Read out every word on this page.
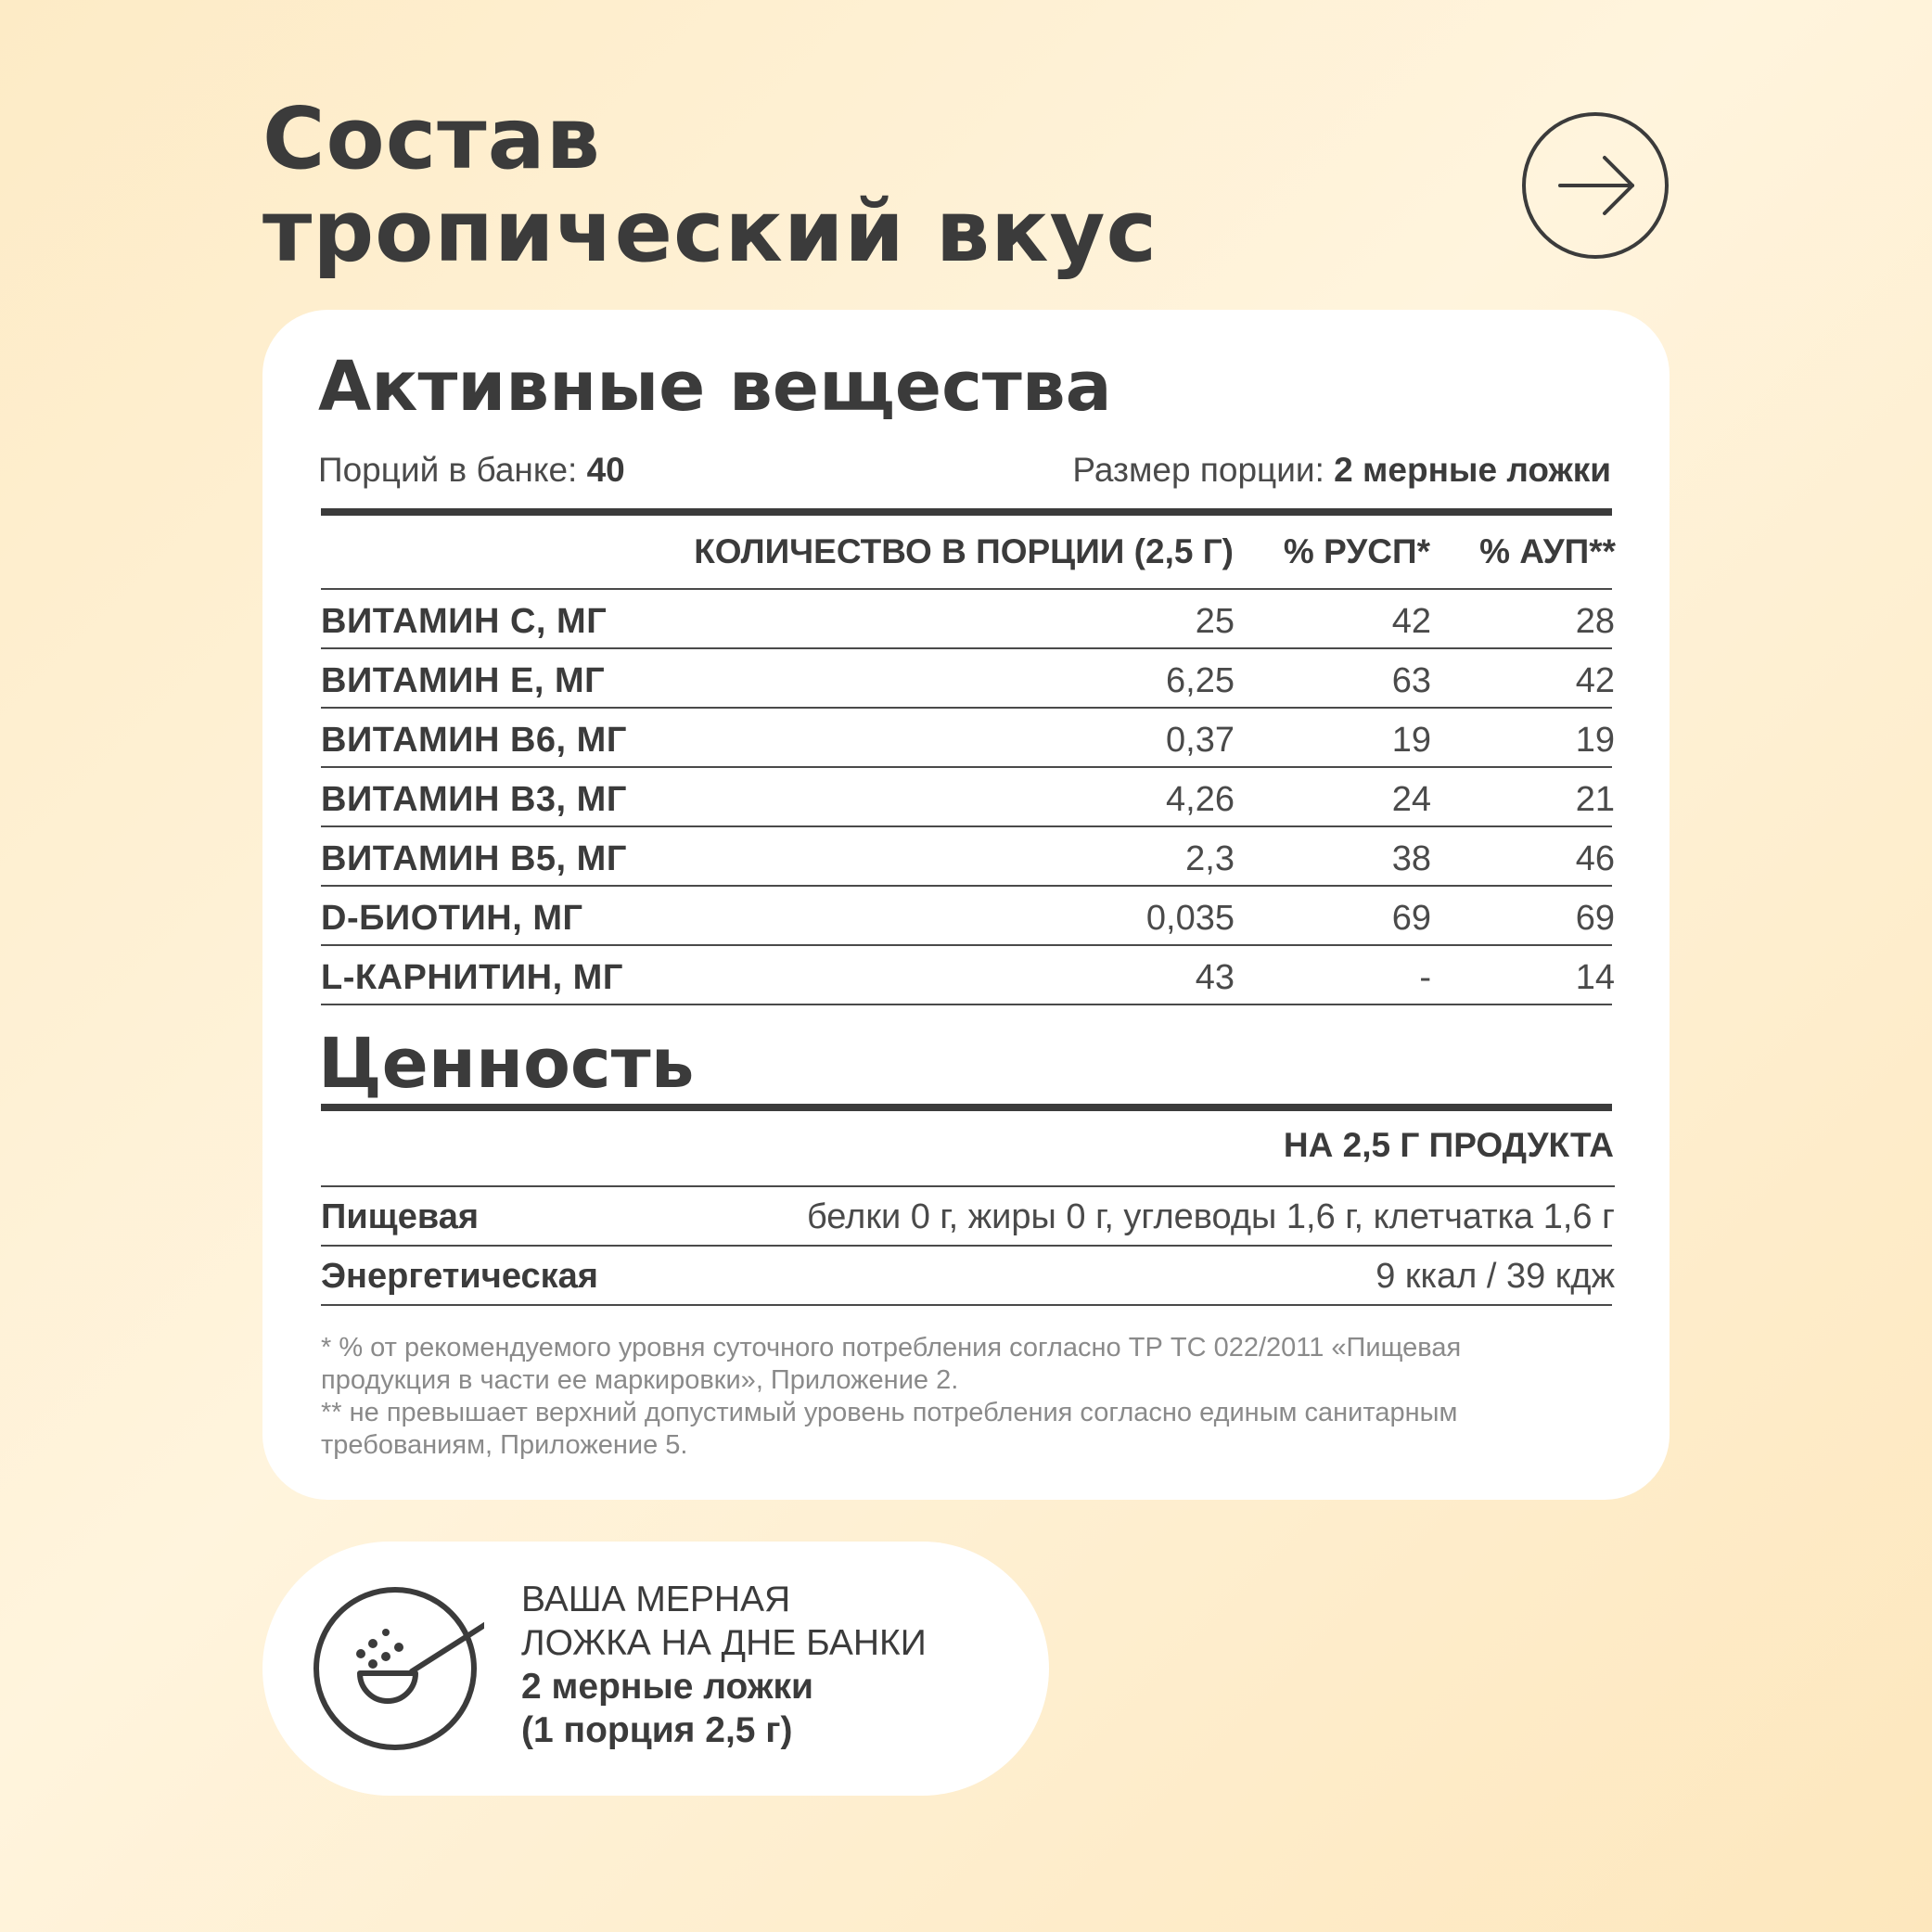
Состав
тропический вкус
Активные вещества
Порций в банке: 40	Размер порции: 2 мерные ложки
КОЛИЧЕСТВО В ПОРЦИИ (2,5 Г) % РУСП* % АУП**
ВИТАМИН С, МГ	25	42	28
ВИТАМИН Е, МГ	6,25	63	42
ВИТАМИН В6, МГ	0,37	19	19
ВИТАМИН В3, МГ	4,26	24	21
ВИТАМИН В5, МГ	2,3	38	46
D-БИОТИН, МГ	0,035	69	69
L-КАРНИТИН, МГ	43	-	14
Ценность
НА 2,5 Г ПРОДУКТА
Пищевая	белки 0 г, жиры 0 г, углеводы 1,6 г, клетчатка 1,6 г
Энергетическая	9 ккал / 39 кдж
* % от рекомендуемого уровня суточного потребления согласно ТР ТС 022/2011 «Пищевая
продукция в части ее маркировки», Приложение 2.
** не превышает верхний допустимый уровень потребления согласно единым санитарным
требованиям, Приложение 5.
ВАША МЕРНАЯ
ЛОЖКА НА ДНЕ БАНКИ
2 мерные ложки
(1 порция 2,5 г)
